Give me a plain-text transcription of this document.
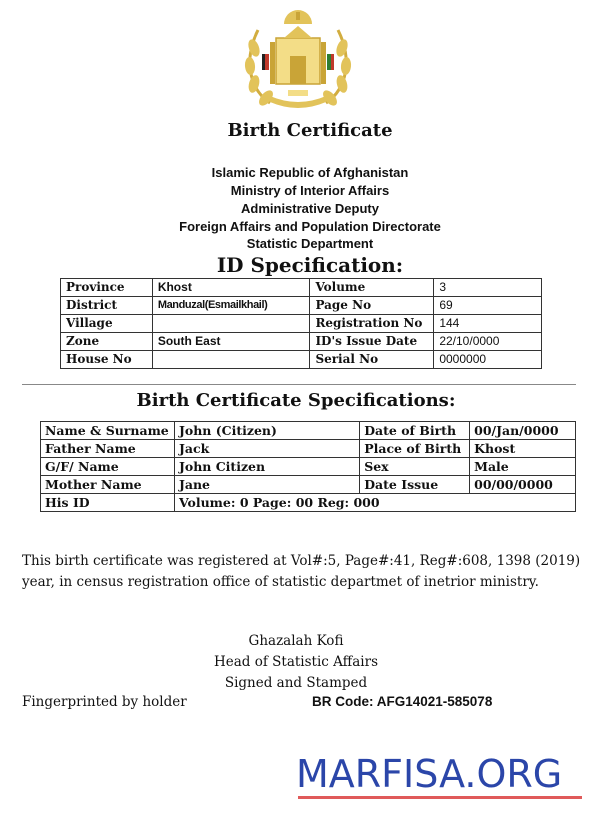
Birth Certificate
Islamic Republic of Afghanistan
Ministry of Interior Affairs
Administrative Deputy
Foreign Affairs and Population Directorate
Statistic Department
ID Specification:
Province	Khost	Volume	3
District	Manduzal(Esmailkhail)	Page No	69
Village		Registration No	144
Zone	South East	ID's Issue Date	22/10/0000
House No		Serial No	0000000
Birth Certificate Specifications:
Name & Surname	John (Citizen)	Date of Birth	00/Jan/0000
Father Name	Jack	Place of Birth	Khost
G/F/ Name	John Citizen	Sex	Male
Mother Name	Jane	Date Issue	00/00/0000
His ID	Volume: 0 Page: 00 Reg: 000		
This birth certificate was registered at Vol#:5, Page#:41, Reg#:608, 1398 (2019) year, in census registration office of statistic departmet of inetrior ministry.
Ghazalah Kofi
Head of Statistic Affairs
Signed and Stamped
Fingerprinted by holder	BR Code: AFG14021-585078
MARFISA.ORG
